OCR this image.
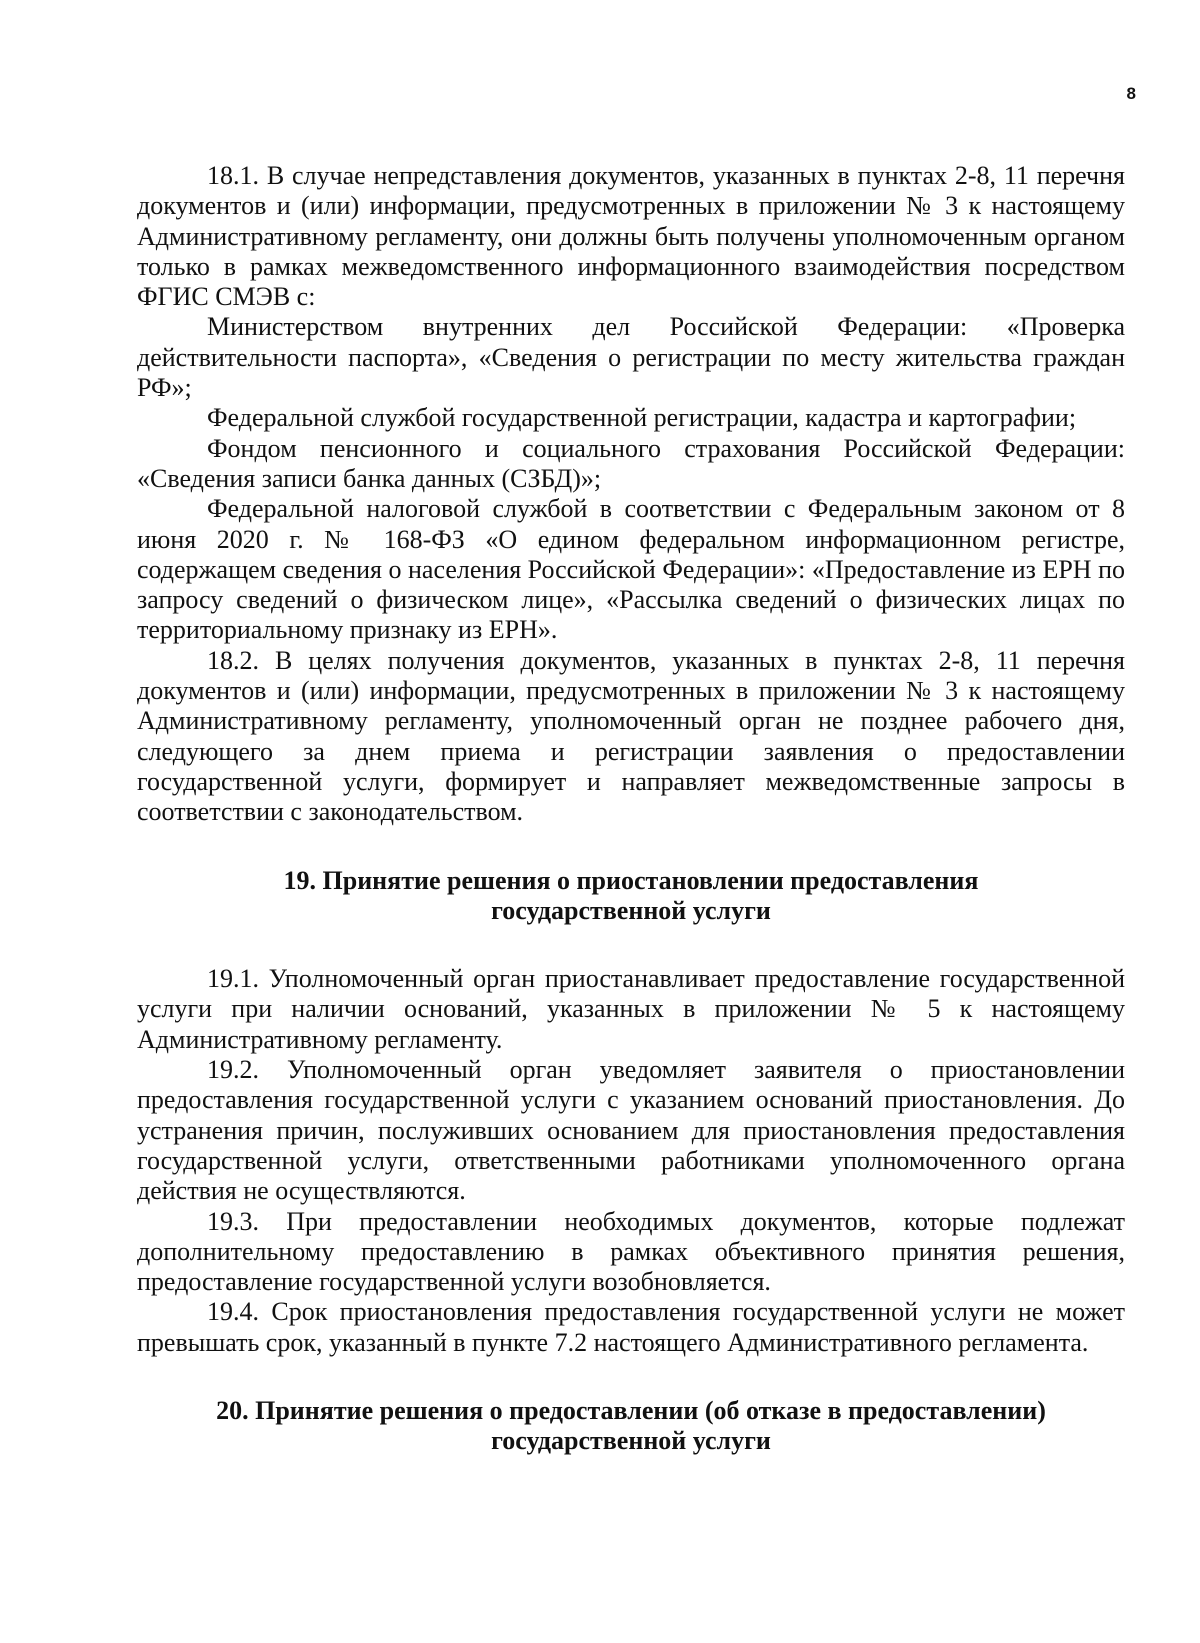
8

18.1. В случае непредставления документов, указанных в пунктах 2-8, 11 перечня документов и (или) информации, предусмотренных в приложении № 3 к настоящему Административному регламенту, они должны быть получены уполномоченным органом только в рамках межведомственного информационного взаимодействия посредством ФГИС СМЭВ с:

Министерством внутренних дел Российской Федерации: «Проверка действительности паспорта», «Сведения о регистрации по месту жительства граждан РФ»;

Федеральной службой государственной регистрации, кадастра и картографии;

Фондом пенсионного и социального страхования Российской Федерации: «Сведения записи банка данных (СЗБД)»;

Федеральной налоговой службой в соответствии с Федеральным законом от 8 июня 2020 г. № 168-ФЗ «О едином федеральном информационном регистре, содержащем сведения о населения Российской Федерации»: «Предоставление из ЕРН по запросу сведений о физическом лице», «Рассылка сведений о физических лицах по территориальному признаку из ЕРН».

18.2. В целях получения документов, указанных в пунктах 2-8, 11 перечня документов и (или) информации, предусмотренных в приложении № 3 к настоящему Административному регламенту, уполномоченный орган не позднее рабочего дня, следующего за днем приема и регистрации заявления о предоставлении государственной услуги, формирует и направляет межведомственные запросы в соответствии с законодательством.

19. Принятие решения о приостановлении предоставления
государственной услуги

19.1. Уполномоченный орган приостанавливает предоставление государственной услуги при наличии оснований, указанных в приложении № 5 к настоящему Административному регламенту.

19.2. Уполномоченный орган уведомляет заявителя о приостановлении предоставления государственной услуги с указанием оснований приостановления. До устранения причин, послуживших основанием для приостановления предоставления государственной услуги, ответственными работниками уполномоченного органа действия не осуществляются.

19.3. При предоставлении необходимых документов, которые подлежат дополнительному предоставлению в рамках объективного принятия решения, предоставление государственной услуги возобновляется.

19.4. Срок приостановления предоставления государственной услуги не может превышать срок, указанный в пункте 7.2 настоящего Административного регламента.

20. Принятие решения о предоставлении (об отказе в предоставлении)
государственной услуги
